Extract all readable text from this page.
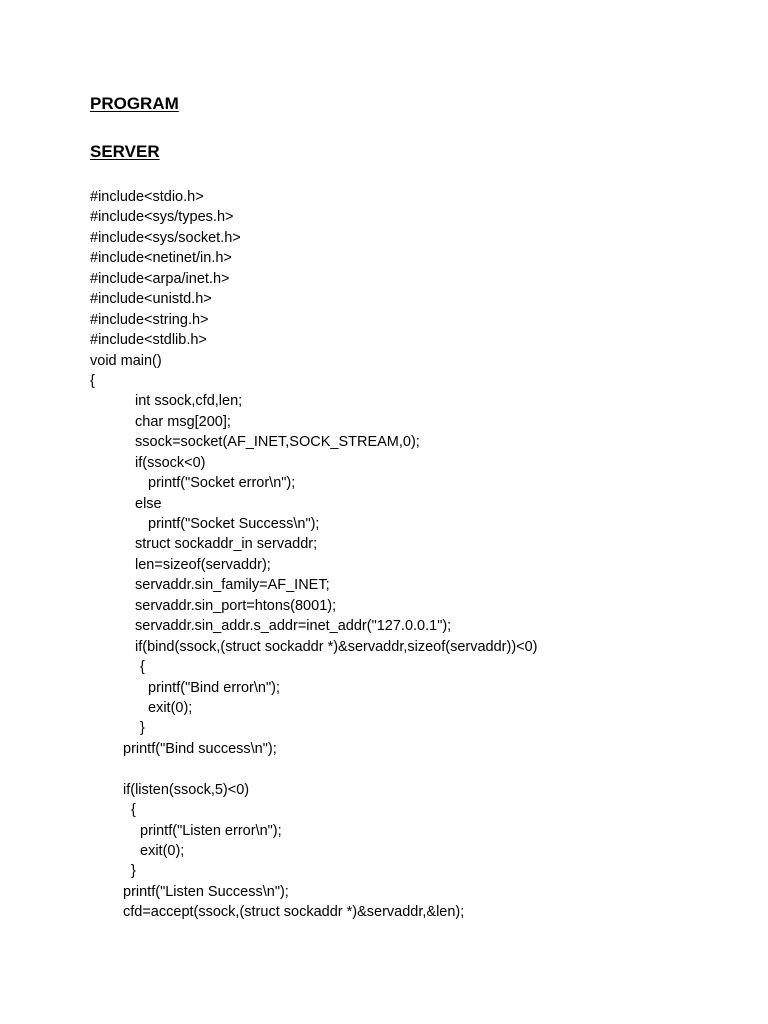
PROGRAM
SERVER
#include<stdio.h>
#include<sys/types.h>
#include<sys/socket.h>
#include<netinet/in.h>
#include<arpa/inet.h>
#include<unistd.h>
#include<string.h>
#include<stdlib.h>
void main()
{
int ssock,cfd,len;
char msg[200];
ssock=socket(AF_INET,SOCK_STREAM,0);
if(ssock<0)
printf("Socket error\n");
else
printf("Socket Success\n");
struct sockaddr_in servaddr;
len=sizeof(servaddr);
servaddr.sin_family=AF_INET;
servaddr.sin_port=htons(8001);
servaddr.sin_addr.s_addr=inet_addr("127.0.0.1");
if(bind(ssock,(struct sockaddr *)&servaddr,sizeof(servaddr))<0)
{
printf("Bind error\n");
exit(0);
}
printf("Bind success\n");
if(listen(ssock,5)<0)
{
printf("Listen error\n");
exit(0);
}
printf("Listen Success\n");
cfd=accept(ssock,(struct sockaddr *)&servaddr,&len);
